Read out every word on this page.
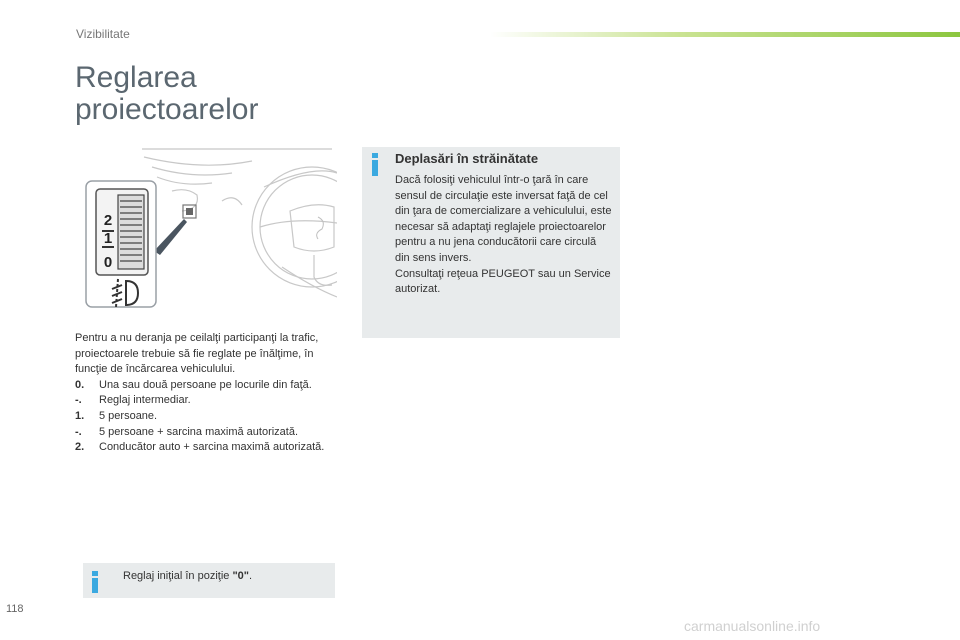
Vizibilitate
Reglarea
proiectoarelor
2
1
0

Pentru a nu deranja pe ceilalţi participanţi la trafic, proiectoarele trebuie să fie reglate pe înălţime, în funcţie de încărcarea vehiculului.

0.	Una sau două persoane pe locurile din faţă.
-.	Reglaj intermediar.
1.	5 persoane.
-.	5 persoane + sarcina maximă autorizată.
2.	Conducător auto + sarcina maximă autorizată.
Reglaj iniţial în poziţie "0".
Deplasări în străinătate

Dacă folosiţi vehiculul într-o ţară în care sensul de circulaţie este inversat faţă de cel din ţara de comercializare a vehiculului, este necesar să adaptaţi reglajele proiectoarelor pentru a nu jena conducătorii care circulă din sens invers.

Consultaţi reţeua PEUGEOT sau un Service autorizat.

118
carmanualsonline.info
